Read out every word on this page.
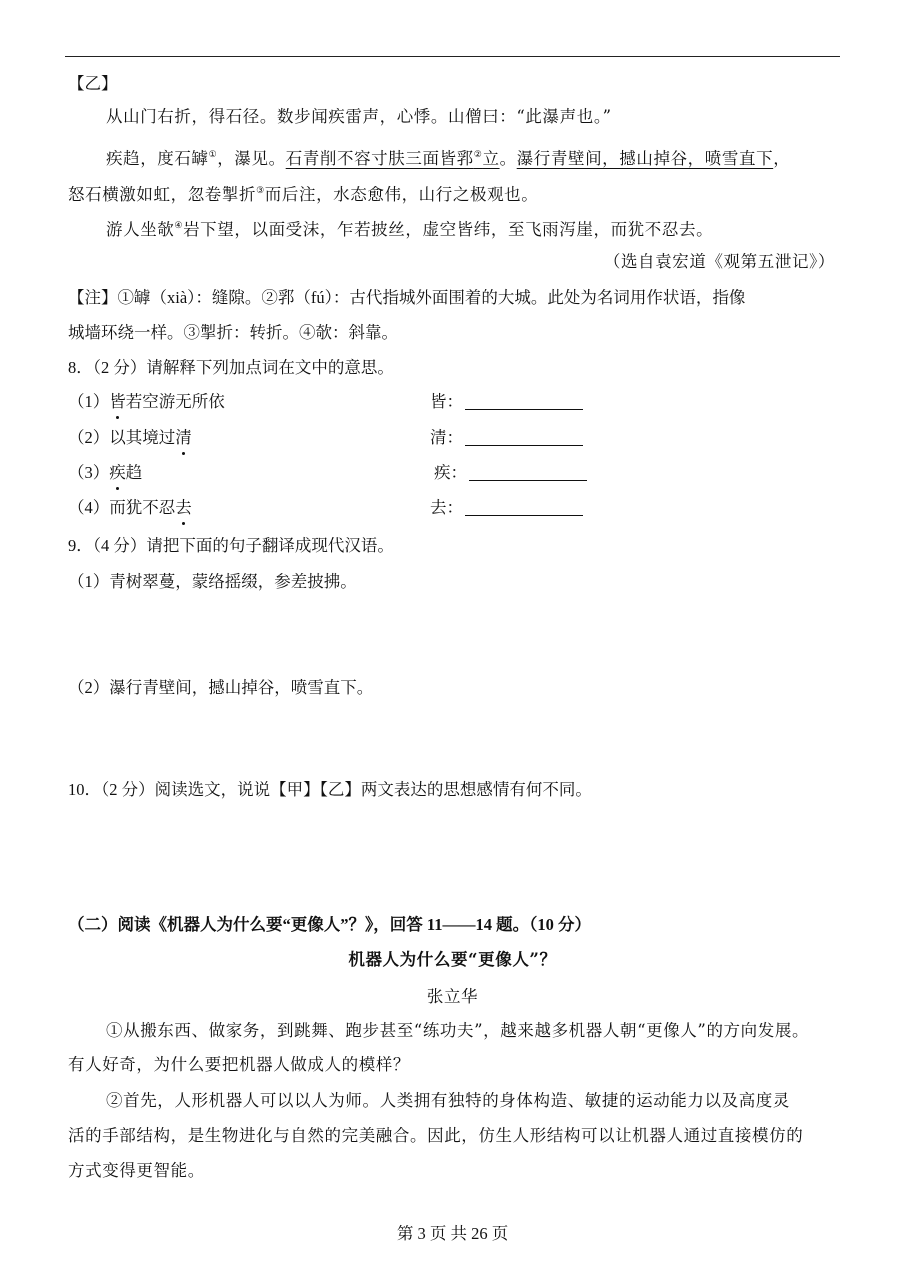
【乙】
从山门右折，得石径。数步闻疾雷声，心悸。山僧曰：“此瀑声也。”
疾趋，度石罅①，瀑见。石青削不容寸肤三面皆郛②立。瀑行青壁间，撼山掉谷，喷雪直下，
怒石横激如虹，忽卷掣折③而后注，水态愈伟，山行之极观也。
游人坐欹④岩下望，以面受沫，乍若披丝，虚空皆纬，至飞雨泻崖，而犹不忍去。
（选自袁宏道《观第五泄记》）
【注】①罅（xià）：缝隙。②郛（fú）：古代指城外面围着的大城。此处为名词用作状语，指像
城墙环绕一样。③掣折：转折。④欹：斜靠。
8．（2 分）请解释下列加点词在文中的意思。
（1）皆若空游无所依	皆：
（2）以其境过清	清：
（3）疾趋	疾：
（4）而犹不忍去	去：
9．（4 分）请把下面的句子翻译成现代汉语。
（1）青树翠蔓，蒙络摇缀，参差披拂。
（2）瀑行青壁间，撼山掉谷，喷雪直下。
10．（2 分）阅读选文，说说【甲】【乙】两文表达的思想感情有何不同。
（二）阅读《机器人为什么要“更像人”？》，回答 11——14 题。（10 分）
机器人为什么要“更像人”？
张立华
①从搬东西、做家务，到跳舞、跑步甚至“练功夫”，越来越多机器人朝“更像人”的方向发展。
有人好奇，为什么要把机器人做成人的模样？
②首先，人形机器人可以以人为师。人类拥有独特的身体构造、敏捷的运动能力以及高度灵
活的手部结构，是生物进化与自然的完美融合。因此，仿生人形结构可以让机器人通过直接模仿的
方式变得更智能。
第 3 页 共 26 页
